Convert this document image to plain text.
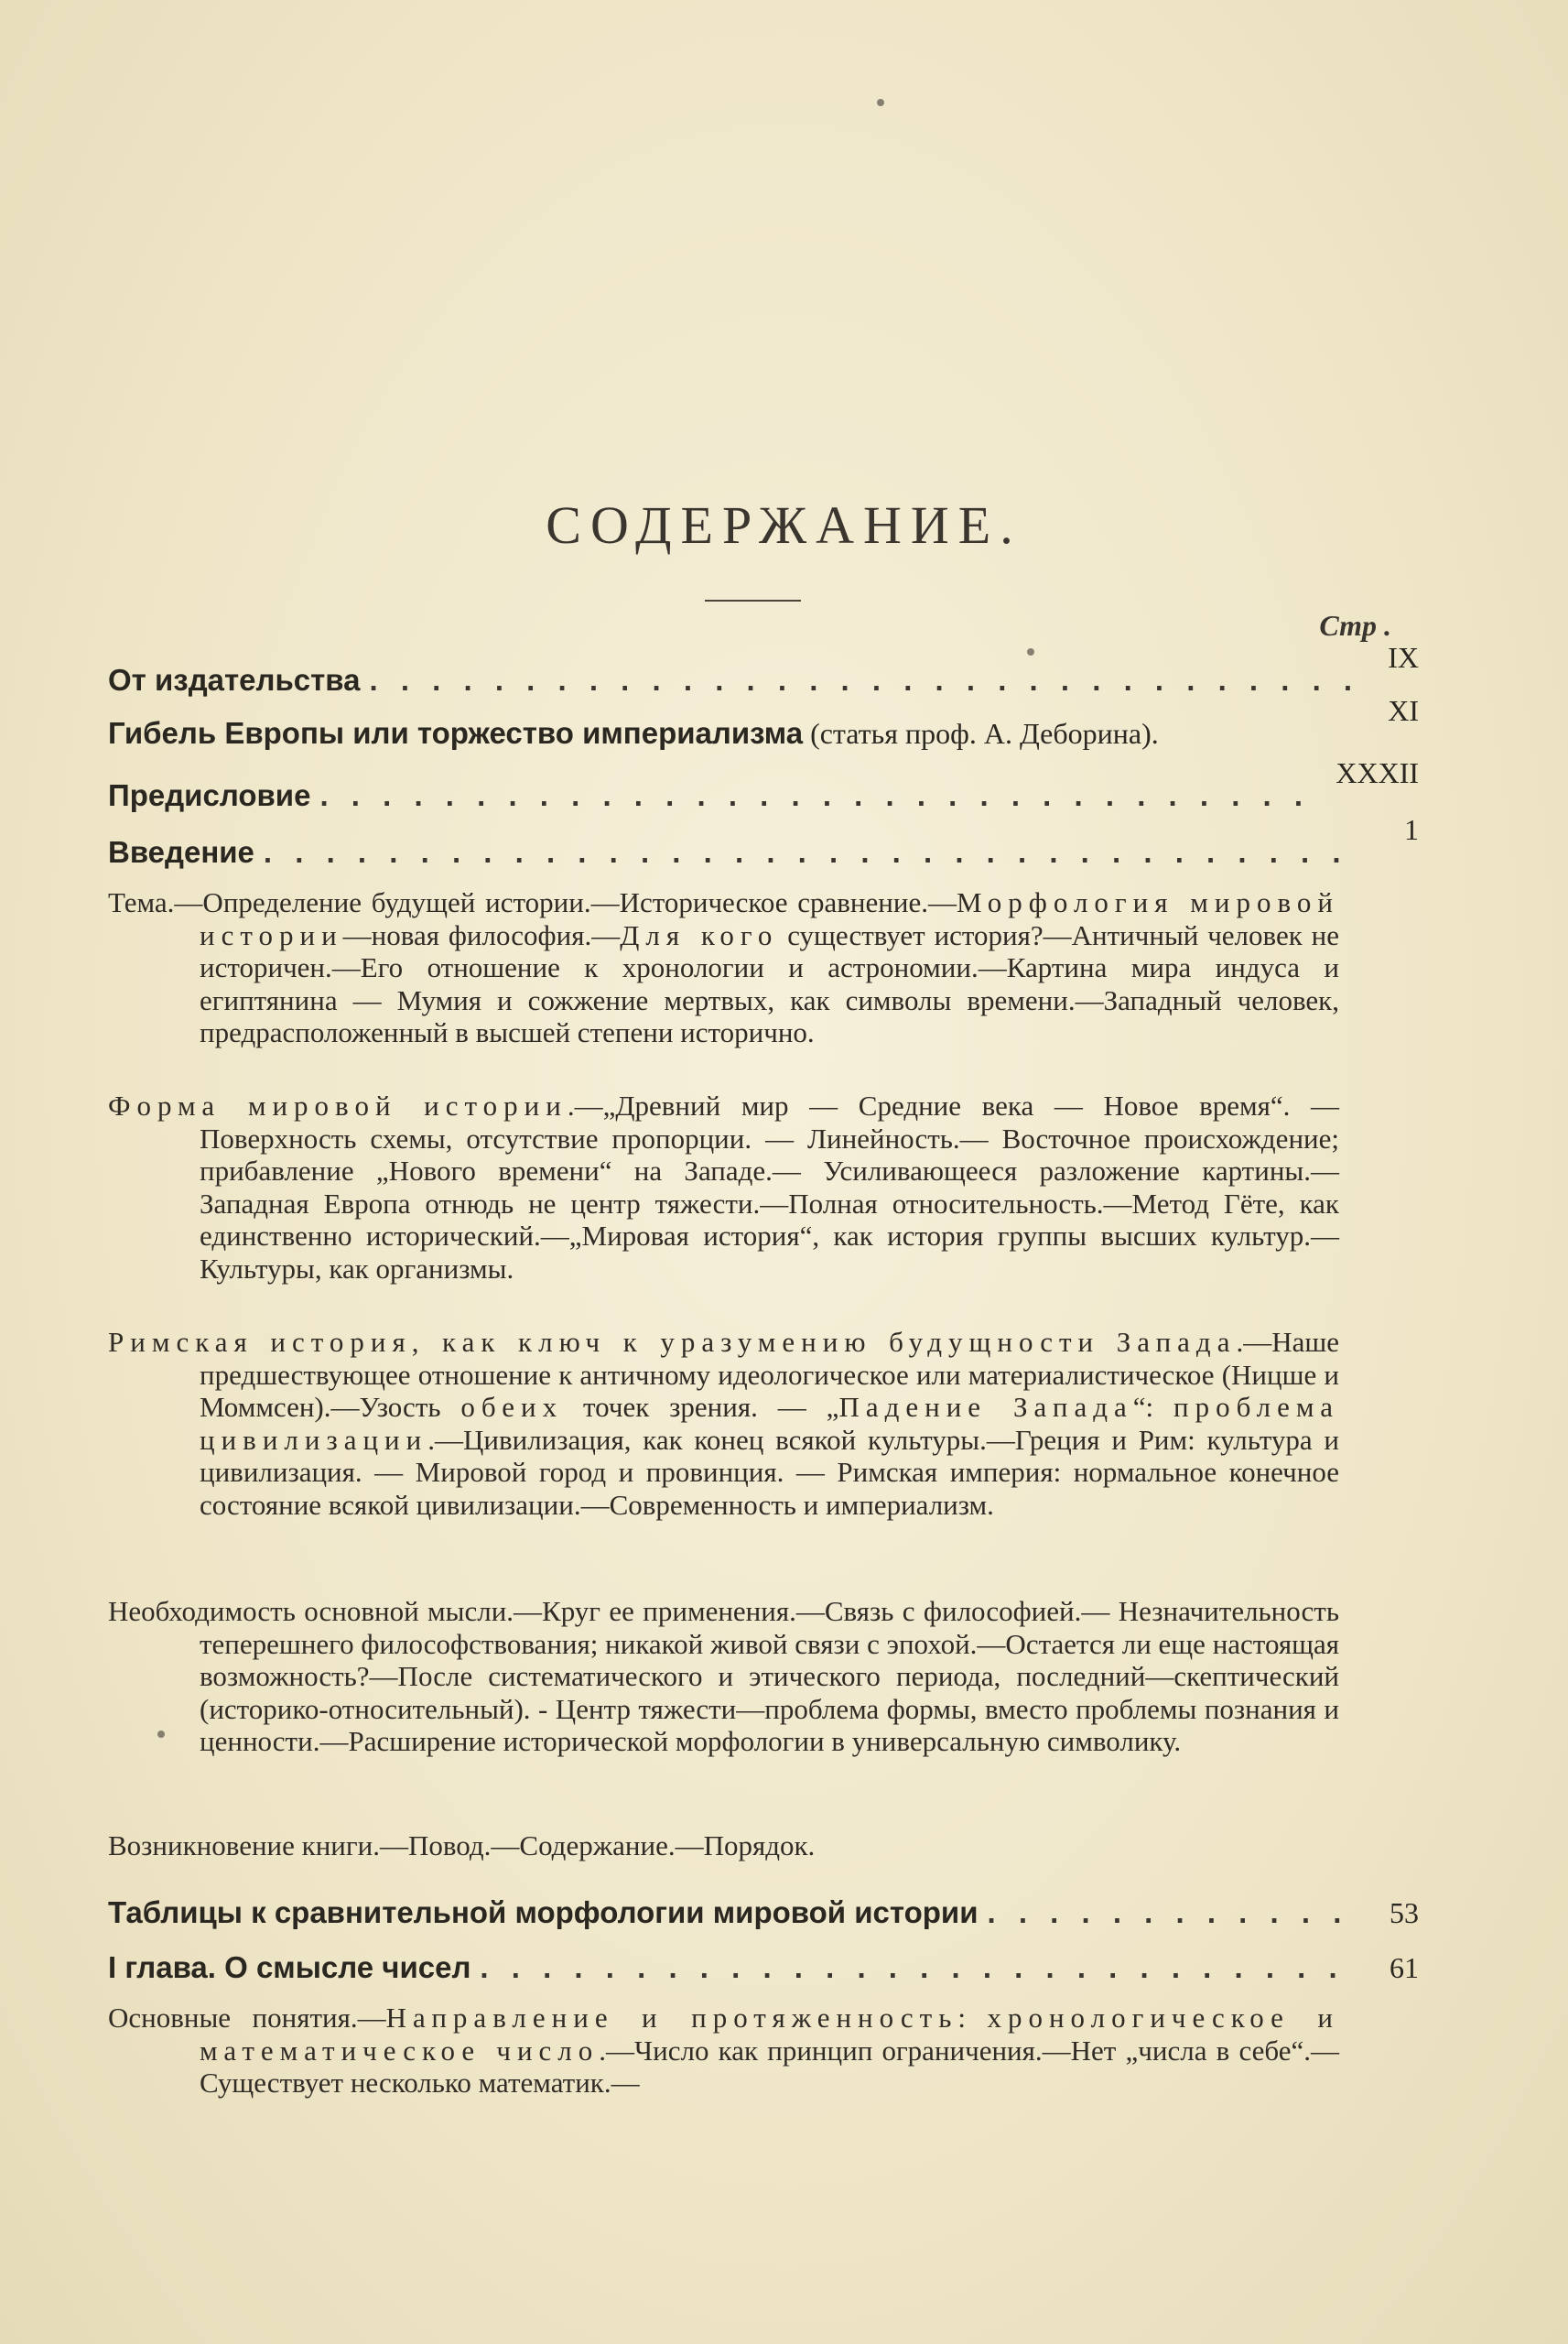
СОДЕРЖАНИЕ.
Стр .
От издательства
. . .
IX
Гибель Европы или торжество империализма (статья проф. А. Деборина).
XI
Предисловие
. . .
XXXII
Введение
. . .
1

Тема.—Определение будущей истории.—Историческое сравнение.—Морфология мировой истории—новая философия.—Для кого существует история?—Античный человек не историчен.—Его отношение к хронологии и астрономии.—Картина мира индуса и египтянина — Мумия и сожжение мертвых, как символы времени.—Западный человек, предрасположенный в высшей степени исторично.

Форма мировой истории.—„Древний мир — Средние века — Новое время“. — Поверхность схемы, отсутствие пропорции. — Линейность.— Восточное происхождение; прибавление „Нового времени“ на Западе.— Усиливающееся разложение картины.—Западная Европа отнюдь не центр тяжести.—Полная относительность.—Метод Гёте, как единственно исторический.—„Мировая история“, как история группы высших культур.— Культуры, как организмы.

Римская история, как ключ к уразумению будущности Запада.—Наше предшествующее отношение к античному идеологическое или материалистическое (Ницше и Моммсен).—Узость обеих точек зрения. — „Падение Запада“: проблема цивилизации.—Цивилизация, как конец всякой культуры.—Греция и Рим: культура и цивилизация. — Мировой город и провинция. — Римская империя: нормальное конечное состояние всякой цивилизации.—Современность и империализм.

Необходимость основной мысли.—Круг ее применения.—Связь с философией.— Незначительность теперешнего философствования; никакой живой связи с эпохой.—Остается ли еще настоящая возможность?—После систематического и этического периода, последний—скептический (историко-относительный). - Центр тяжести—проблема формы, вместо проблемы познания и ценности.—Расширение исторической морфологии в универсальную символику.

Возникновение книги.—Повод.—Содержание.—Порядок.

Таблицы к сравнительной морфологии мировой истории . . .	53
I глава. О смысле чисел . . .	61

Основные понятия.—Направление и протяженность: хронологическое и математическое число.—Число как принцип ограничения.—Нет „числа в себе“.—Существует несколько математик.—
